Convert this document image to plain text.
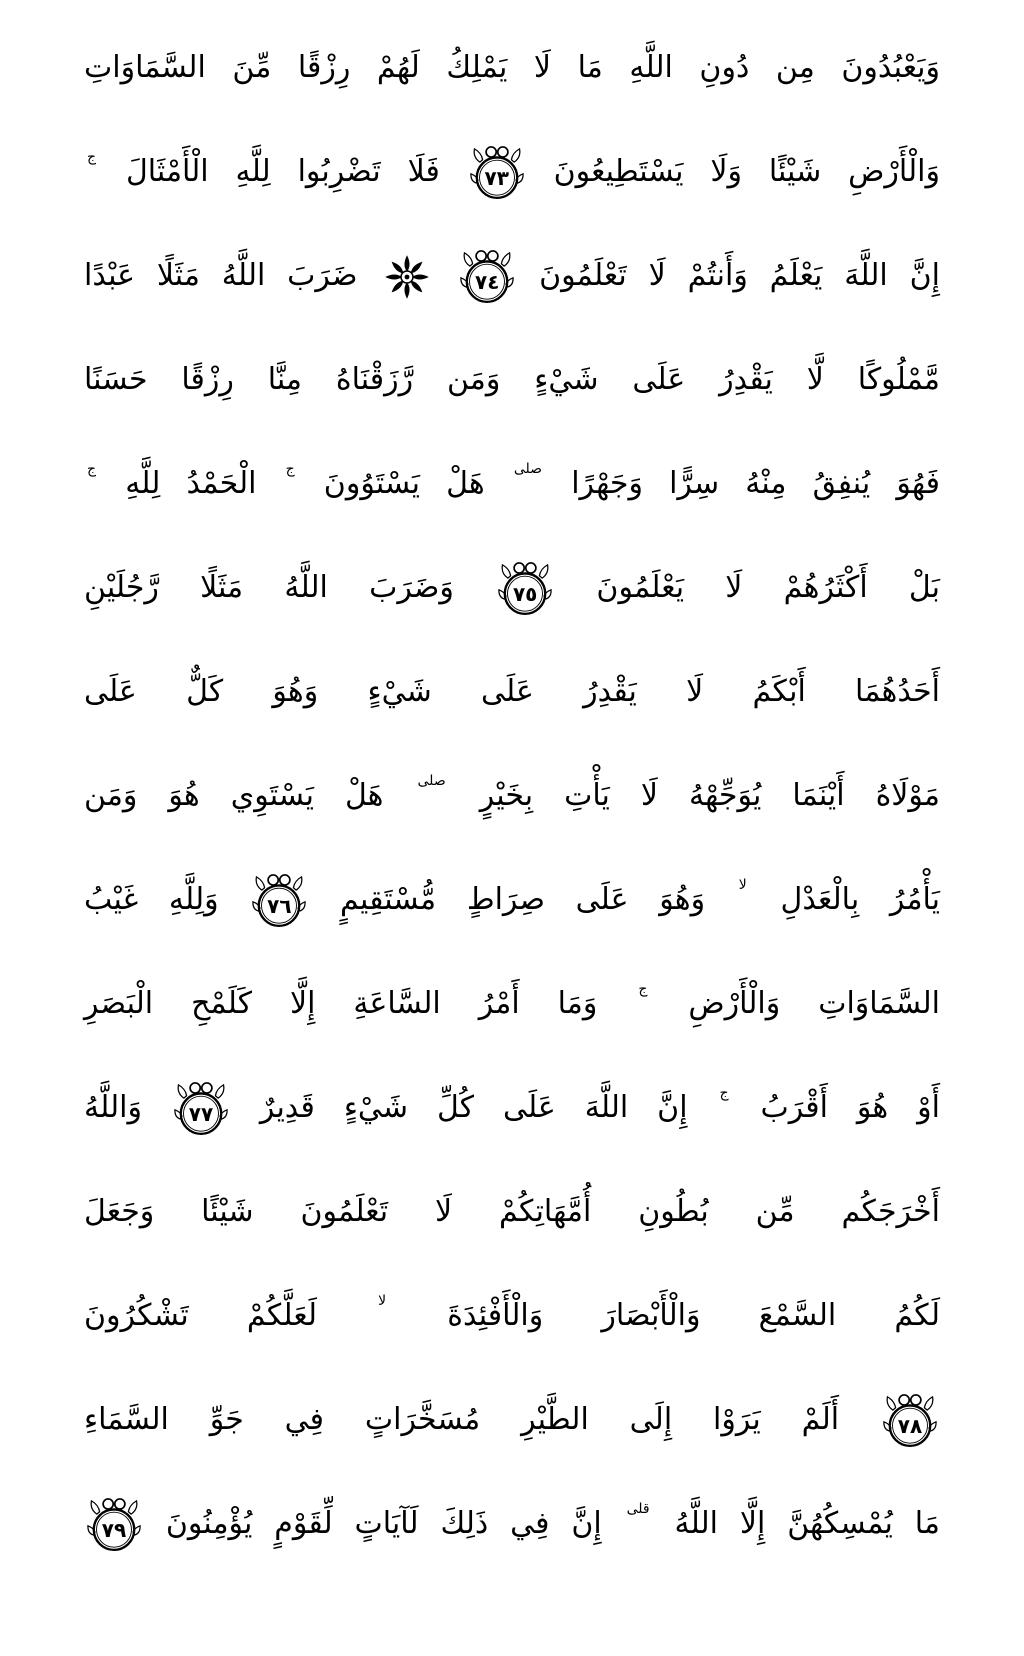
وَيَعْبُدُونَ مِن دُونِ اللَّهِ مَا لَا يَمْلِكُ لَهُمْ رِزْقًا مِّنَ السَّمَاوَاتِ
وَالْأَرْضِ شَيْئًا وَلَا يَسْتَطِيعُونَ
٧٣
فَلَا تَضْرِبُوا لِلَّهِ الْأَمْثَالَ ج
إِنَّ اللَّهَ يَعْلَمُ وَأَنتُمْ لَا تَعْلَمُونَ
٧٤

ضَرَبَ اللَّهُ مَثَلًا عَبْدًا
مَّمْلُوكًا لَّا يَقْدِرُ عَلَى شَيْءٍ وَمَن رَّزَقْنَاهُ مِنَّا رِزْقًا حَسَنًا
فَهُوَ يُنفِقُ مِنْهُ سِرًّا وَجَهْرًا صلى هَلْ يَسْتَوُونَ ج الْحَمْدُ لِلَّهِ ج
بَلْ أَكْثَرُهُمْ لَا يَعْلَمُونَ
٧٥
وَضَرَبَ اللَّهُ مَثَلًا رَّجُلَيْنِ
أَحَدُهُمَا أَبْكَمُ لَا يَقْدِرُ عَلَى شَيْءٍ وَهُوَ كَلٌّ عَلَى
مَوْلَاهُ أَيْنَمَا يُوَجِّهْهُ لَا يَأْتِ بِخَيْرٍ صلى هَلْ يَسْتَوِي هُوَ وَمَن
يَأْمُرُ بِالْعَدْلِ لا وَهُوَ عَلَى صِرَاطٍ مُّسْتَقِيمٍ
٧٦
وَلِلَّهِ غَيْبُ
السَّمَاوَاتِ وَالْأَرْضِ ج وَمَا أَمْرُ السَّاعَةِ إِلَّا كَلَمْحِ الْبَصَرِ
أَوْ هُوَ أَقْرَبُ ج إِنَّ اللَّهَ عَلَى كُلِّ شَيْءٍ قَدِيرٌ
٧٧
وَاللَّهُ
أَخْرَجَكُم مِّن بُطُونِ أُمَّهَاتِكُمْ لَا تَعْلَمُونَ شَيْئًا وَجَعَلَ
لَكُمُ السَّمْعَ وَالْأَبْصَارَ وَالْأَفْئِدَةَ لا لَعَلَّكُمْ تَشْكُرُونَ
٧٨
أَلَمْ يَرَوْا إِلَى الطَّيْرِ مُسَخَّرَاتٍ فِي جَوِّ السَّمَاءِ
مَا يُمْسِكُهُنَّ إِلَّا اللَّهُ قلى إِنَّ فِي ذَلِكَ لَآيَاتٍ لِّقَوْمٍ يُؤْمِنُونَ
٧٩
